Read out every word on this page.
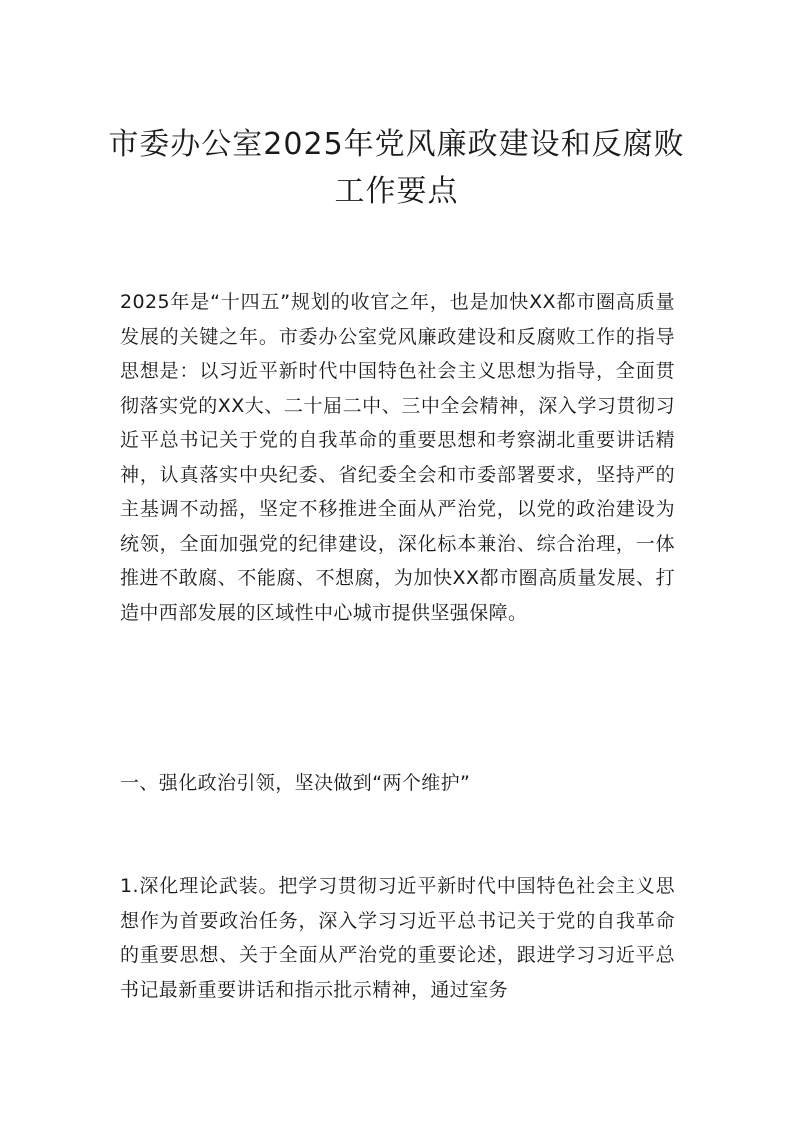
市委办公室2025年党风廉政建设和反腐败
工作要点

2025年是“十四五”规划的收官之年，也是加快XX都市圈高质量发展的关键之年。市委办公室党风廉政建设和反腐败工作的指导思想是：以习近平新时代中国特色社会主义思想为指导，全面贯彻落实党的XX大、二十届二中、三中全会精神，深入学习贯彻习近平总书记关于党的自我革命的重要思想和考察湖北重要讲话精神，认真落实中央纪委、省纪委全会和市委部署要求，坚持严的主基调不动摇，坚定不移推进全面从严治党，以党的政治建设为统领，全面加强党的纪律建设，深化标本兼治、综合治理，一体推进不敢腐、不能腐、不想腐，为加快XX都市圈高质量发展、打造中西部发展的区域性中心城市提供坚强保障。

一、强化政治引领，坚决做到“两个维护”

1.深化理论武装。把学习贯彻习近平新时代中国特色社会主义思想作为首要政治任务，深入学习习近平总书记关于党的自我革命的重要思想、关于全面从严治党的重要论述，跟进学习习近平总书记最新重要讲话和指示批示精神，通过室务
